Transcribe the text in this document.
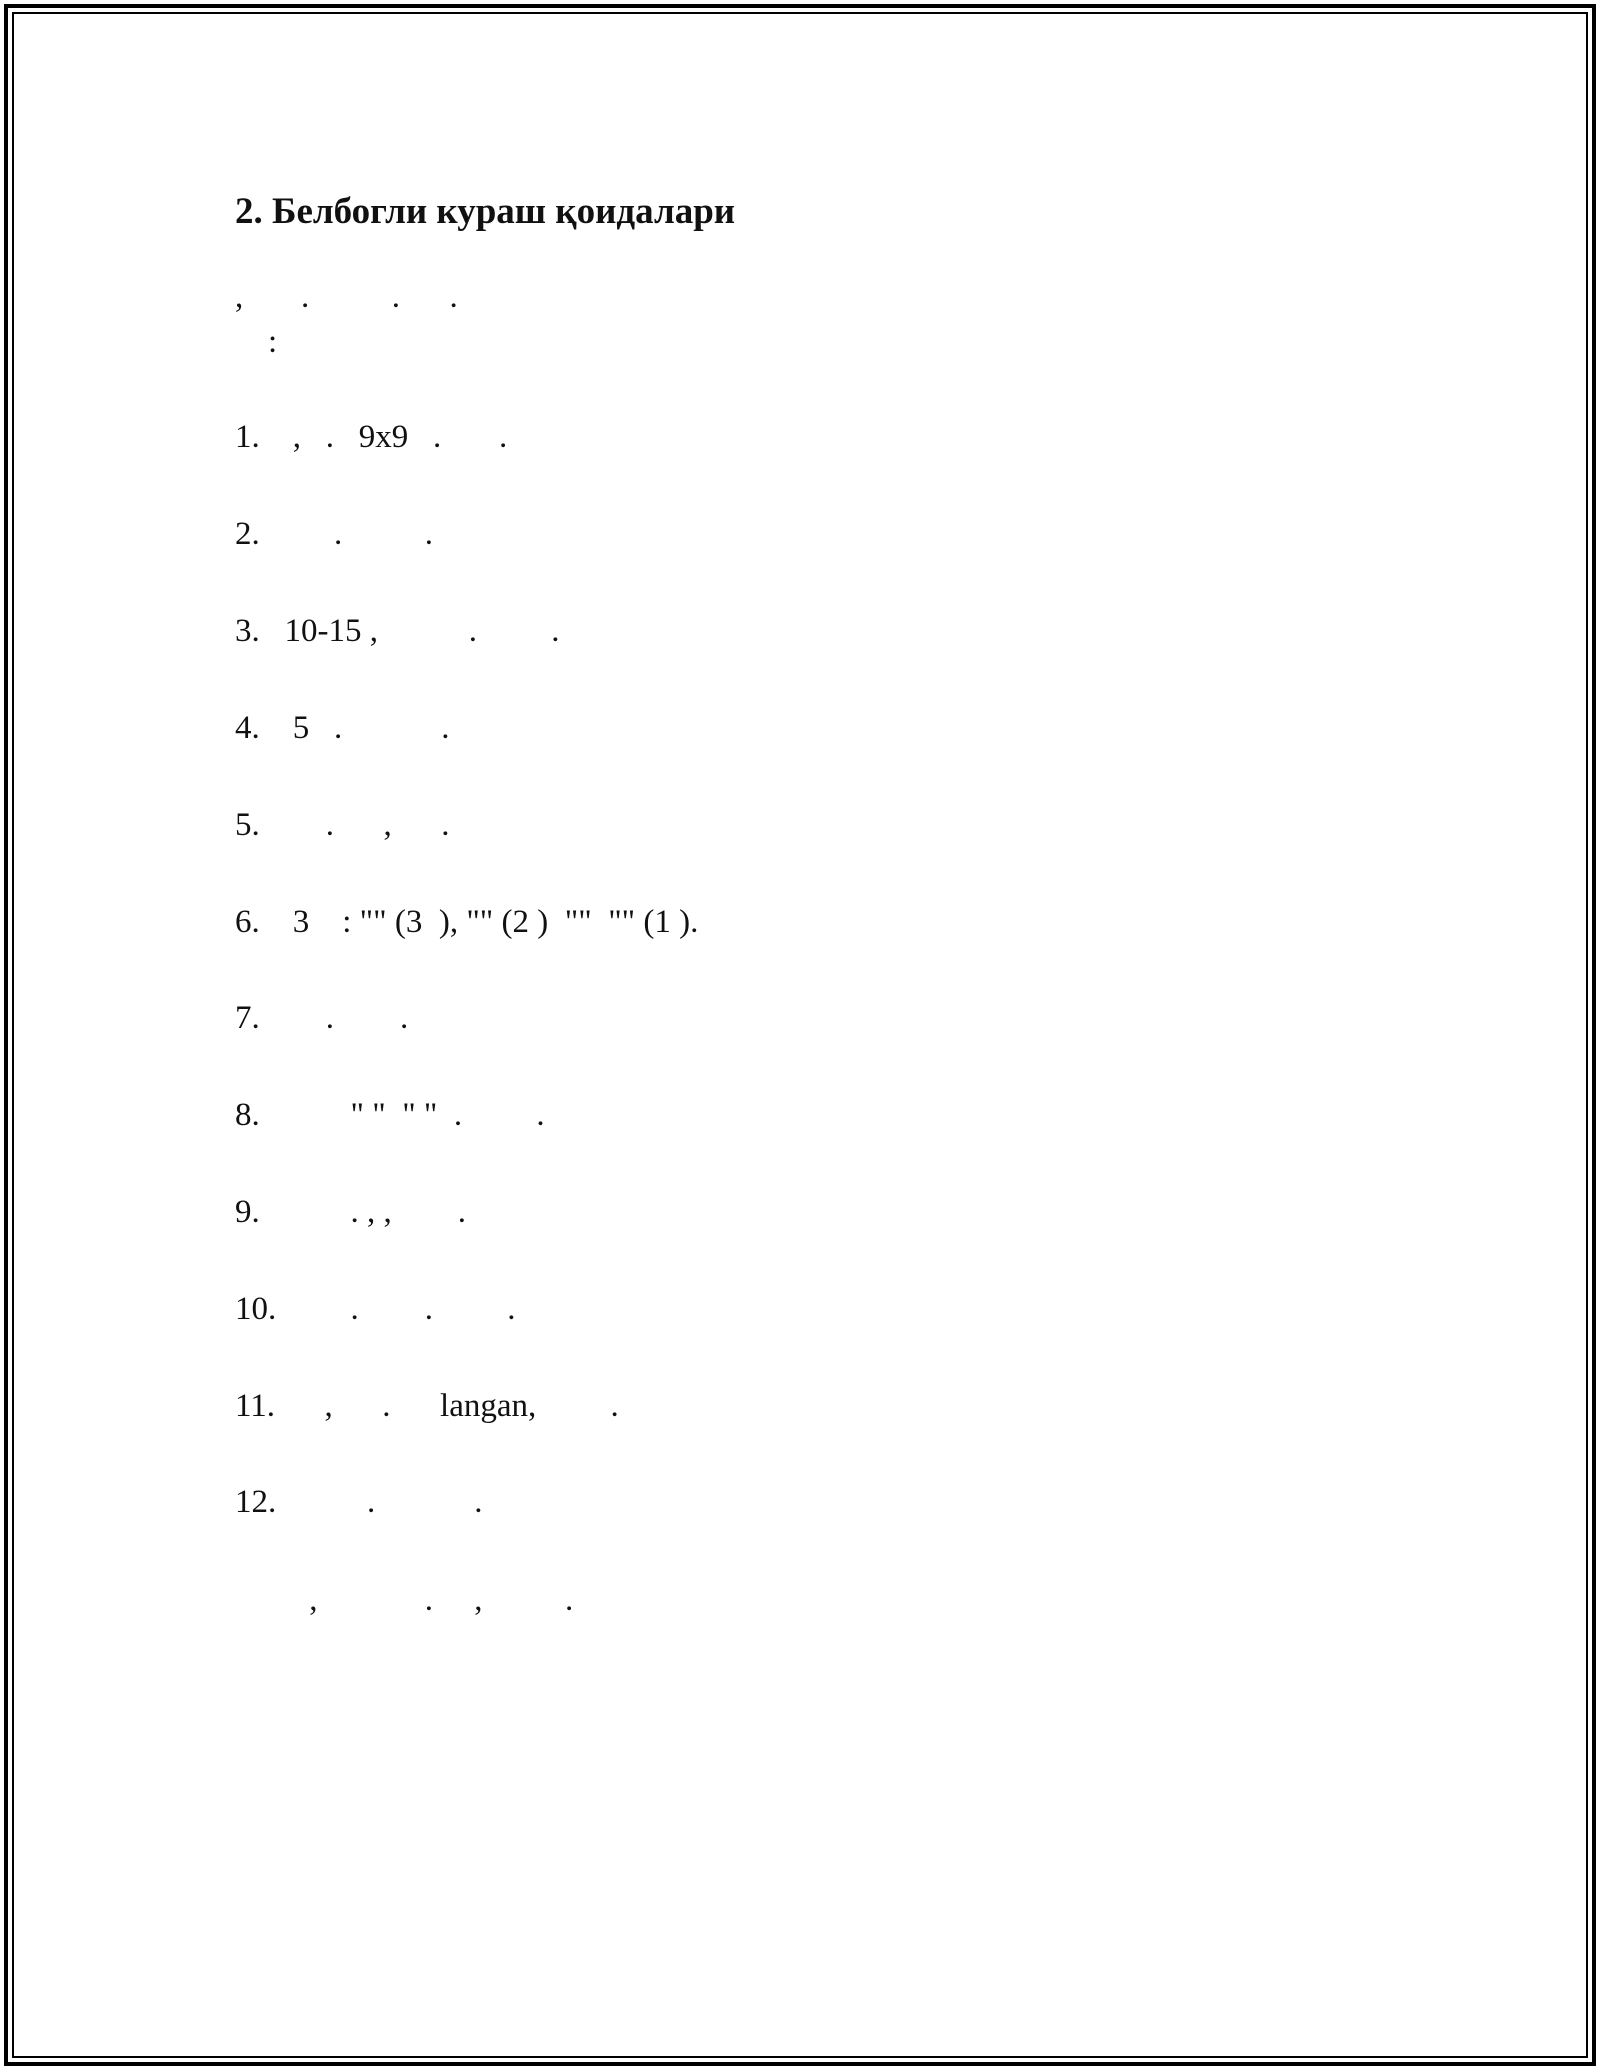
2. Белбогли кураш қоидалари

,       .          .      .

:

1.    ,   .   9x9   .       .

2.         .          .

3.   10-15 ,           .         .

4.    5   .            .

5.        .      ,      .

6.    3    : "" (3  ), "" (2 )  ""  "" (1 ).

7.        .        .

8.           " "  " "  .         .

9.           . , ,        .

10.         .        .         .

11.      ,      .      langan,         .

12.           .            .

,             .     ,          .
